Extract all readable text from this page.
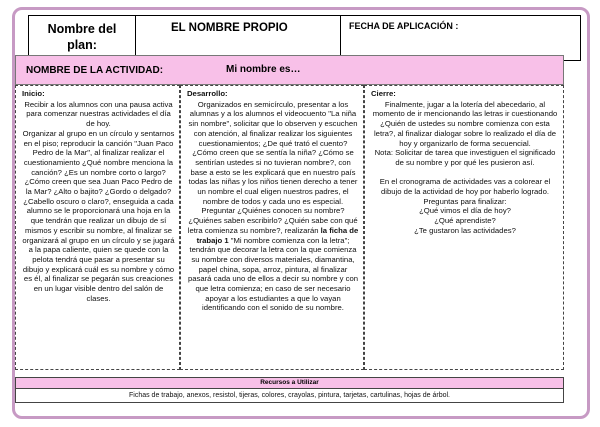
Nombre del
plan:
EL NOMBRE PROPIO	FECHA DE APLICACIÓN :
NOMBRE DE LA ACTIVIDAD:	Mi nombre es…
Inicio:
Recibir a los alumnos con una pausa activa para comenzar nuestras actividades el día de hoy.
Organizar al grupo en un círculo y sentarnos en el piso; reproducir la canción "Juan Paco Pedro de la Mar", al finalizar realizar el cuestionamiento ¿Qué nombre menciona la canción? ¿Es un nombre corto o largo? ¿Cómo creen que sea Juan Paco Pedro de la Mar? ¿Alto o bajito? ¿Gordo o delgado? ¿Cabello oscuro o claro?, enseguida a cada alumno se le proporcionará una hoja en la que tendrán que realizar un dibujo de sí mismos y escribir su nombre, al finalizar se organizará al grupo en un círculo y se jugará a la papa caliente, quien se quede con la pelota tendrá que pasar a presentar su dibujo y explicará cuál es su nombre y cómo es él, al finalizar se pegarán sus creaciones en un lugar visible dentro del salón de clases.
Desarrollo:
Organizados en semicírculo, presentar a los alumnas y a los alumnos el videocuento "La niña sin nombre", solicitar que lo observen y escuchen con atención, al finalizar realizar los siguientes cuestionamientos; ¿De qué trató el cuento? ¿Cómo creen que se sentía la niña? ¿Cómo se sentirían ustedes si no tuvieran nombre?, con base a esto se les explicará que en nuestro país todas las niñas y los niños tienen derecho a tener un nombre el cual eligen nuestros padres, el nombre de todos y cada uno es especial. Preguntar ¿Quiénes conocen su nombre? ¿Quiénes saben escribirlo? ¿Quién sabe con qué letra comienza su nombre?, realizarán la ficha de trabajo 1 "Mi nombre comienza con la letra"; tendrán que decorar la letra con la que comienza su nombre con diversos materiales, diamantina, papel china, sopa, arroz, pintura, al finalizar pasará cada uno de ellos a decir su nombre y con que letra comienza; en caso de ser necesario apoyar a los estudiantes a que lo vayan identificando con el sonido de su nombre.
Cierre:
Finalmente, jugar a la lotería del abecedario, al momento de ir mencionando las letras ir cuestionando ¿Quién de ustedes su nombre comienza con esta letra?, al finalizar dialogar sobre lo realizado el día de hoy y organizarlo de forma secuencial.
Nota: Solicitar de tarea que investiguen el significado de su nombre y por qué les pusieron así.

En el cronograma de actividades vas a colorear el dibujo de la actividad de hoy por haberlo logrado.
Preguntas para finalizar:
¿Qué vimos el día de hoy?
¿Qué aprendiste?
¿Te gustaron las actividades?
Recursos a Utilizar
Fichas de trabajo, anexos, resistol, tijeras, colores, crayolas, pintura, tarjetas, cartulinas, hojas de árbol.
